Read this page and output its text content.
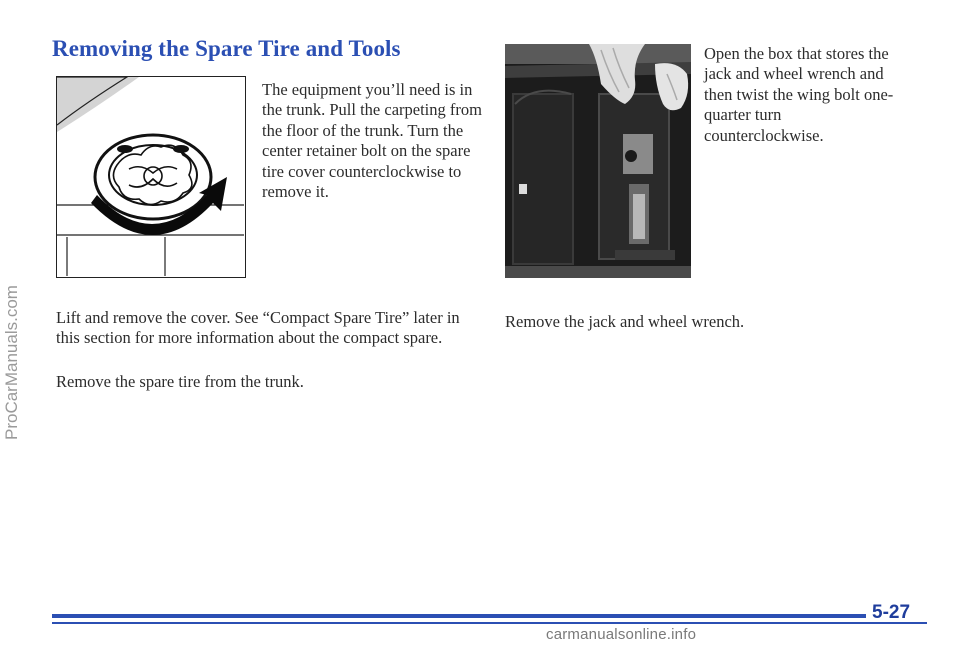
Removing the Spare Tire and Tools
The equipment you’ll need is in the trunk. Pull the carpeting from the floor of the trunk. Turn the center retainer bolt on the spare tire cover counterclockwise to remove it.
Open the box that stores the jack and wheel wrench and then twist the wing bolt one-quarter turn counterclockwise.
Lift and remove the cover. See “Compact Spare Tire” later in this section for more information about the compact spare.
Remove the spare tire from the trunk.
Remove the jack and wheel wrench.
5-27
ProCarManuals.com
carmanualsonline.info
